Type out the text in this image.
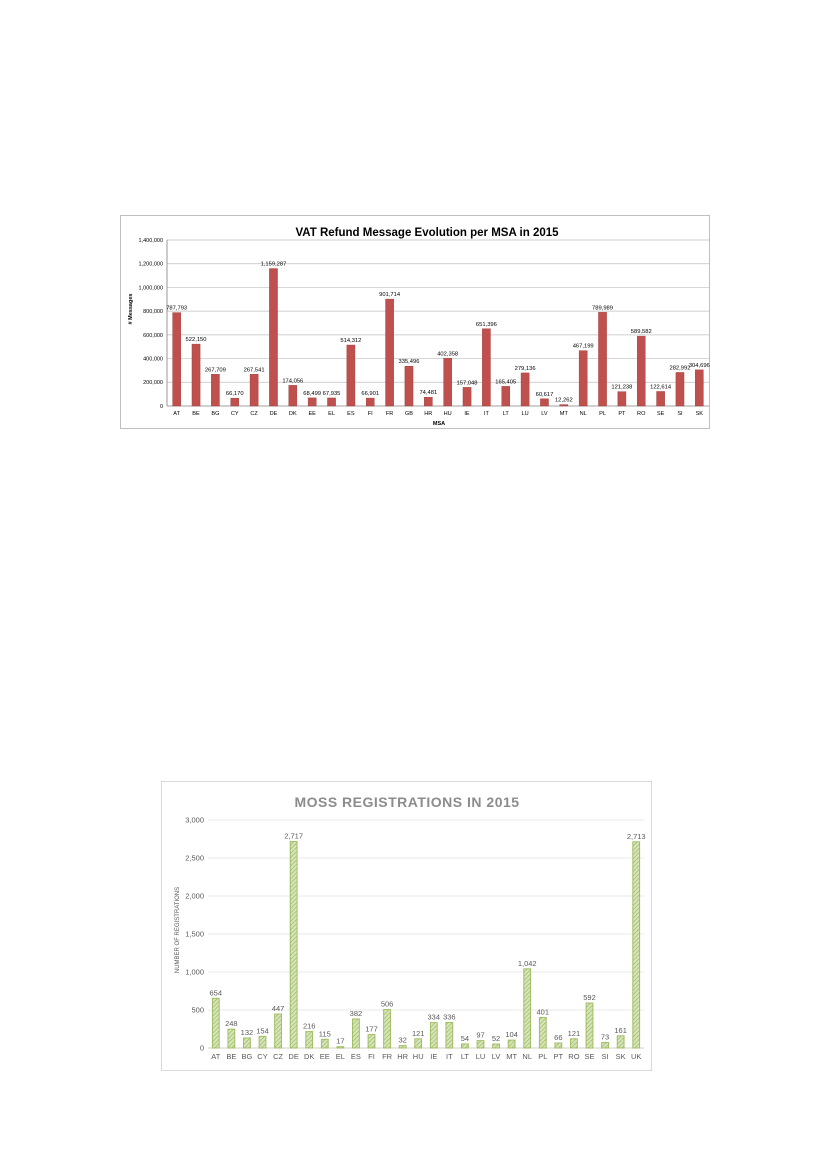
VAT Refund Message Evolution per MSA in 2015
# Messages
MSA
0
200,000
400,000
600,000
800,000
1,000,000
1,200,000
1,400,000
787,793
AT
522,150
BE
267,709
BG
66,170
CY
267,541
CZ
1,159,287
DE
174,056
DK
68,499
EE
67,935
EL
514,312
ES
66,901
FI
901,714
FR
335,496
GB
74,481
HR
402,358
HU
157,048
IE
651,396
IT
165,405
LT
279,136
LU
60,617
LV
12,262
MT
467,199
NL
789,989
PL
121,238
PT
589,582
RO
122,614
SE
282,992
SI
304,696
SK
MOSS REGISTRATIONS IN 2015
NUMBER OF REGISTRATIONS
0
500
1,000
1,500
2,000
2,500
3,000
654
AT
248
BE
132
BG
154
CY
447
CZ
2,717
DE
216
DK
115
EE
17
EL
382
ES
177
FI
506
FR
32
HR
121
HU
334
IE
336
IT
54
LT
97
LU
52
LV
104
MT
1,042
NL
401
PL
66
PT
121
RO
592
SE
73
SI
161
SK
2,713
UK
